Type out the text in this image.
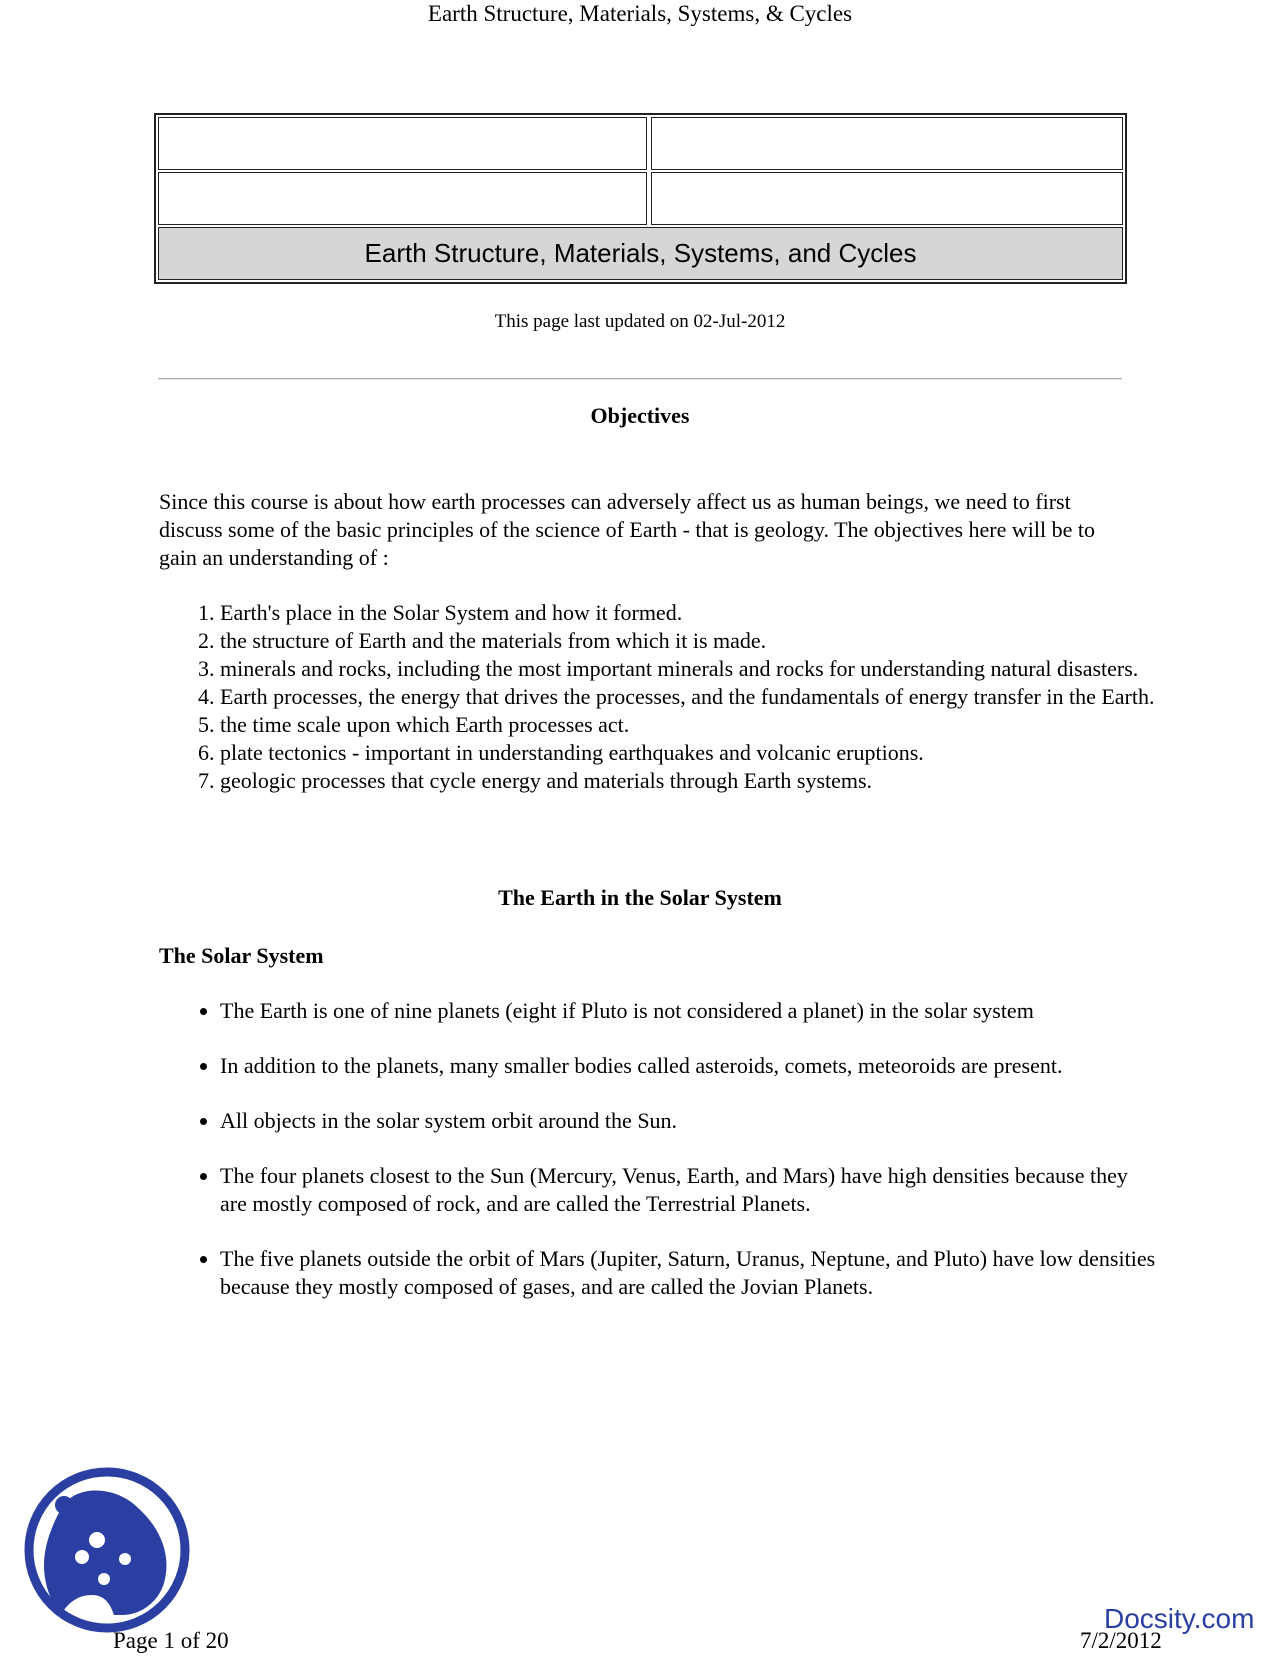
Earth Structure, Materials, Systems, & Cycles
Earth Structure, Materials, Systems, and Cycles
This page last updated on 02-Jul-2012
Objectives

Since this course is about how earth processes can adversely affect us as human beings, we need to first discuss some of the basic principles of the science of Earth - that is geology. The objectives here will be to gain an understanding of :

1. Earth's place in the Solar System and how it formed.
2. the structure of Earth and the materials from which it is made.
3. minerals and rocks, including the most important minerals and rocks for understanding natural disasters.
4. Earth processes, the energy that drives the processes, and the fundamentals of energy transfer in the Earth.
5. the time scale upon which Earth processes act.
6. plate tectonics - important in understanding earthquakes and volcanic eruptions.
7. geologic processes that cycle energy and materials through Earth systems.
The Earth in the Solar System
The Solar System
• The Earth is one of nine planets (eight if Pluto is not considered a planet) in the solar system
• In addition to the planets, many smaller bodies called asteroids, comets, meteoroids are present.
• All objects in the solar system orbit around the Sun.
• The four planets closest to the Sun (Mercury, Venus, Earth, and Mars) have high densities because they are mostly composed of rock, and are called the Terrestrial Planets.
• The five planets outside the orbit of Mars (Jupiter, Saturn, Uranus, Neptune, and Pluto) have low densities because they mostly composed of gases, and are called the Jovian Planets.
Docsity.com
Page 1 of 20	7/2/2012
